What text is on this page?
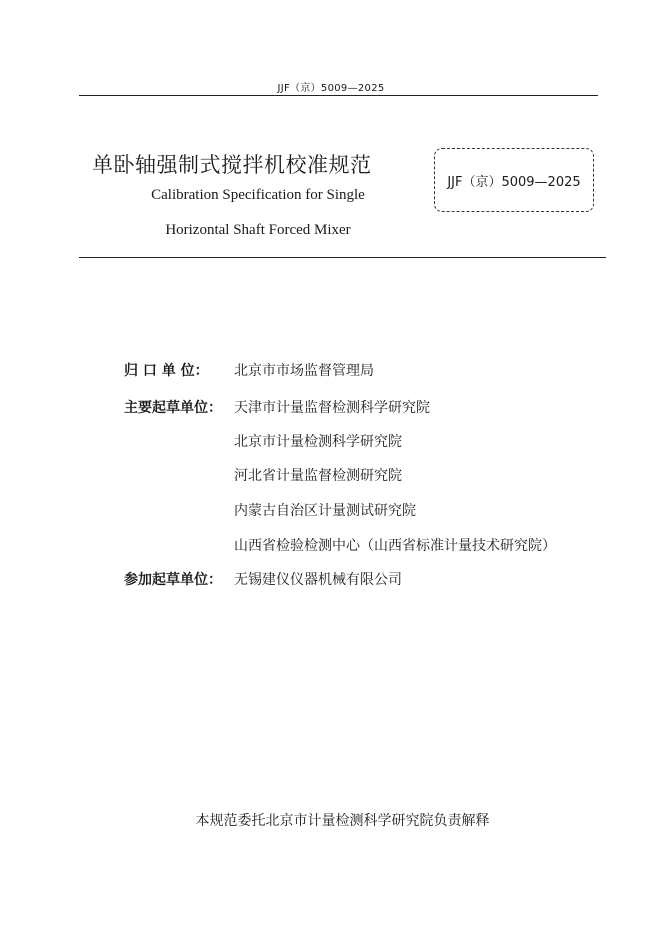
JJF（京）5009—2025
单卧轴强制式搅拌机校准规范
Calibration Specification for Single
Horizontal Shaft Forced Mixer
JJF（京）5009—2025
归 口 单 位：	北京市市场监督管理局
主要起草单位： 天津市计量监督检测科学研究院
北京市计量检测科学研究院
河北省计量监督检测研究院
内蒙古自治区计量测试研究院
山西省检验检测中心（山西省标准计量技术研究院）
参加起草单位： 无锡建仪仪器机械有限公司
本规范委托北京市计量检测科学研究院负责解释
